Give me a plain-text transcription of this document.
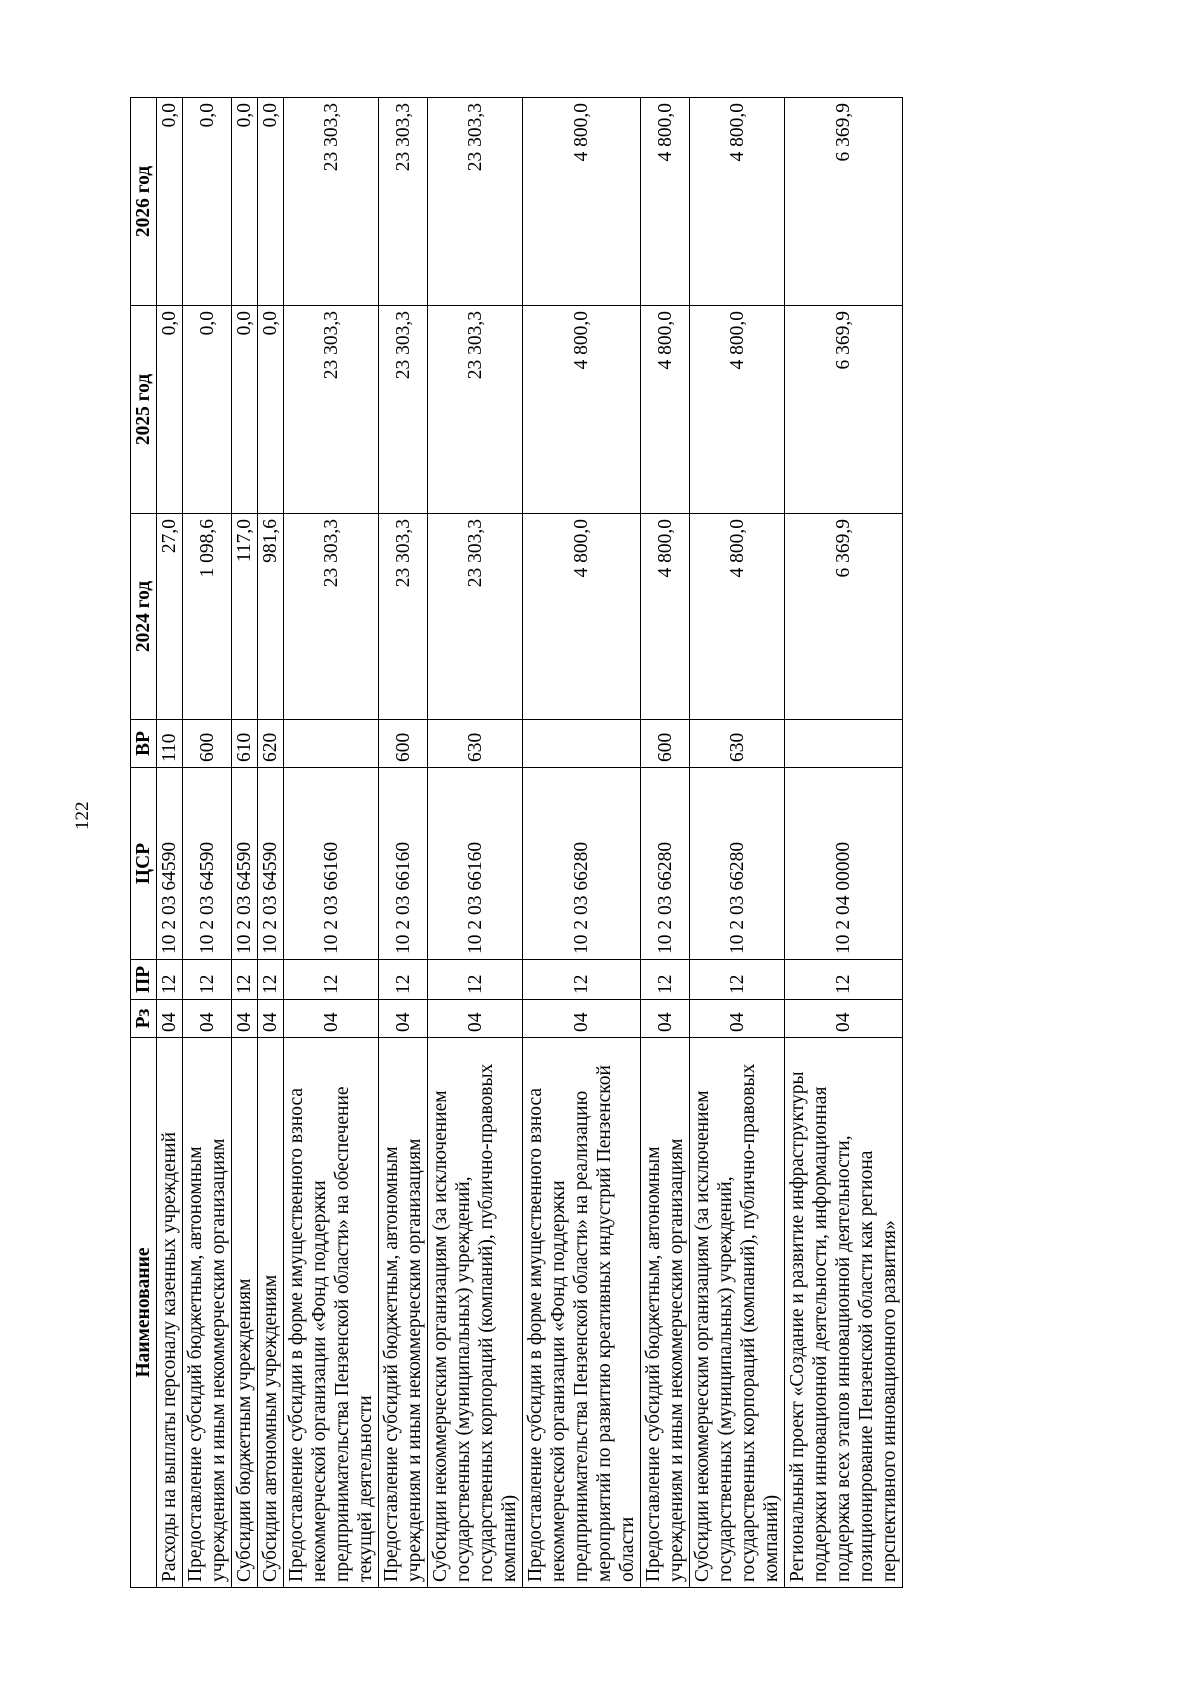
122
Наименование	Рз	ПР	ЦСР	ВР	2024 год	2025 год	2026 год
Расходы на выплаты персоналу казенных учреждений	04	12	10 2 03 64590	110	27,0	0,0	0,0
Предоставление субсидий бюджетным, автономным учреждениям и иным некоммерческим организациям	04	12	10 2 03 64590	600	1 098,6	0,0	0,0
Субсидии бюджетным учреждениям	04	12	10 2 03 64590	610	117,0	0,0	0,0
Субсидии автономным учреждениям	04	12	10 2 03 64590	620	981,6	0,0	0,0
Предоставление субсидии в форме имущественного взноса некоммерческой организации «Фонд поддержки предпринимательства Пензенской области» на обеспечение текущей деятельности	04	12	10 2 03 66160		23 303,3	23 303,3	23 303,3
Предоставление субсидий бюджетным, автономным учреждениям и иным некоммерческим организациям	04	12	10 2 03 66160	600	23 303,3	23 303,3	23 303,3
Субсидии некоммерческим организациям (за исключением государственных (муниципальных) учреждений, государственных корпораций (компаний), публично-правовых компаний)	04	12	10 2 03 66160	630	23 303,3	23 303,3	23 303,3
Предоставление субсидии в форме имущественного взноса некоммерческой организации «Фонд поддержки предпринимательства Пензенской области» на реализацию мероприятий по развитию креативных индустрий Пензенской области	04	12	10 2 03 66280		4 800,0	4 800,0	4 800,0
Предоставление субсидий бюджетным, автономным учреждениям и иным некоммерческим организациям	04	12	10 2 03 66280	600	4 800,0	4 800,0	4 800,0
Субсидии некоммерческим организациям (за исключением государственных (муниципальных) учреждений, государственных корпораций (компаний), публично-правовых компаний)	04	12	10 2 03 66280	630	4 800,0	4 800,0	4 800,0
Региональный проект «Создание и развитие инфраструктуры поддержки инновационной деятельности, информационная поддержка всех этапов инновационной деятельности, позиционирование Пензенской области как региона перспективного инновационного развития»	04	12	10 2 04 00000		6 369,9	6 369,9	6 369,9
